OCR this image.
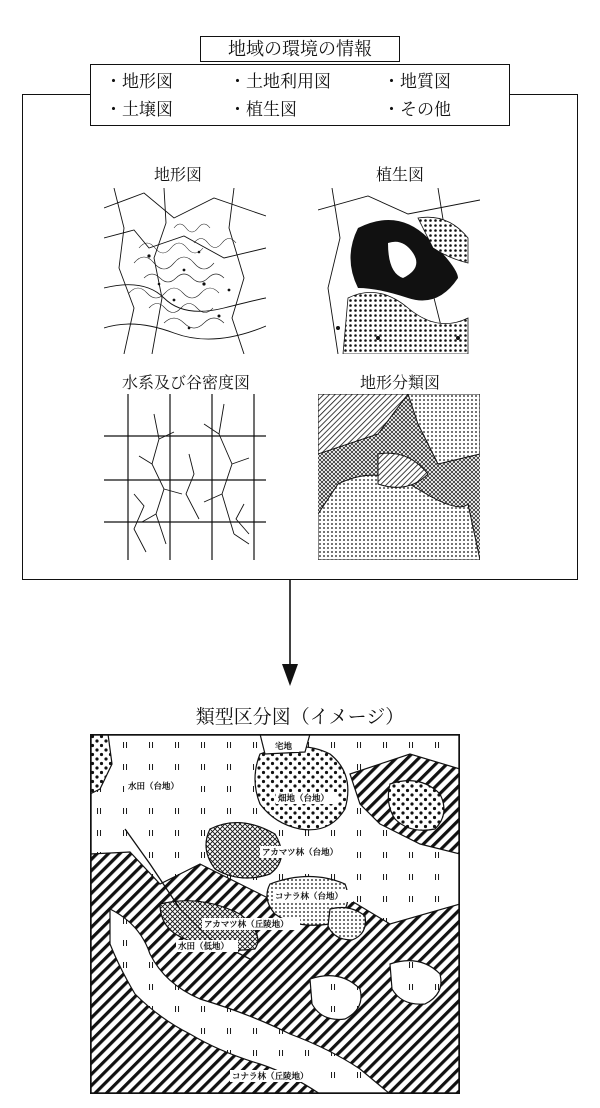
地域の環境の情報
・地形図	・土地利用図	・地質図
・土壌図	・植生図	・その他
地形図	植生図
水系及び谷密度図	地形分類図
類型区分図（イメージ）
宅地
水田（台地）
畑地（台地）
アカマツ林（台地）
コナラ林（台地）
アカマツ林（丘陵地）
水田（低地）
コナラ林（丘陵地）
